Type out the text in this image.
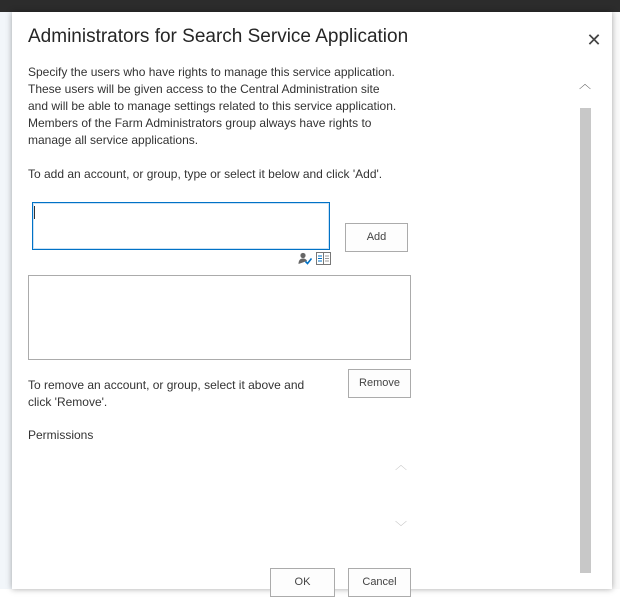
Administrators for Search Service Application	✕

Specify the users who have rights to manage this service application.

These users will be given access to the Central Administration site

and will be able to manage settings related to this service application.

Members of the Farm Administrators group always have rights to

manage all service applications.

To add an account, or group, type or select it below and click 'Add'.
Add
To remove an account, or group, select it above and click 'Remove'.
Remove
Permissions
︿
﹀
OK	Cancel
︿
